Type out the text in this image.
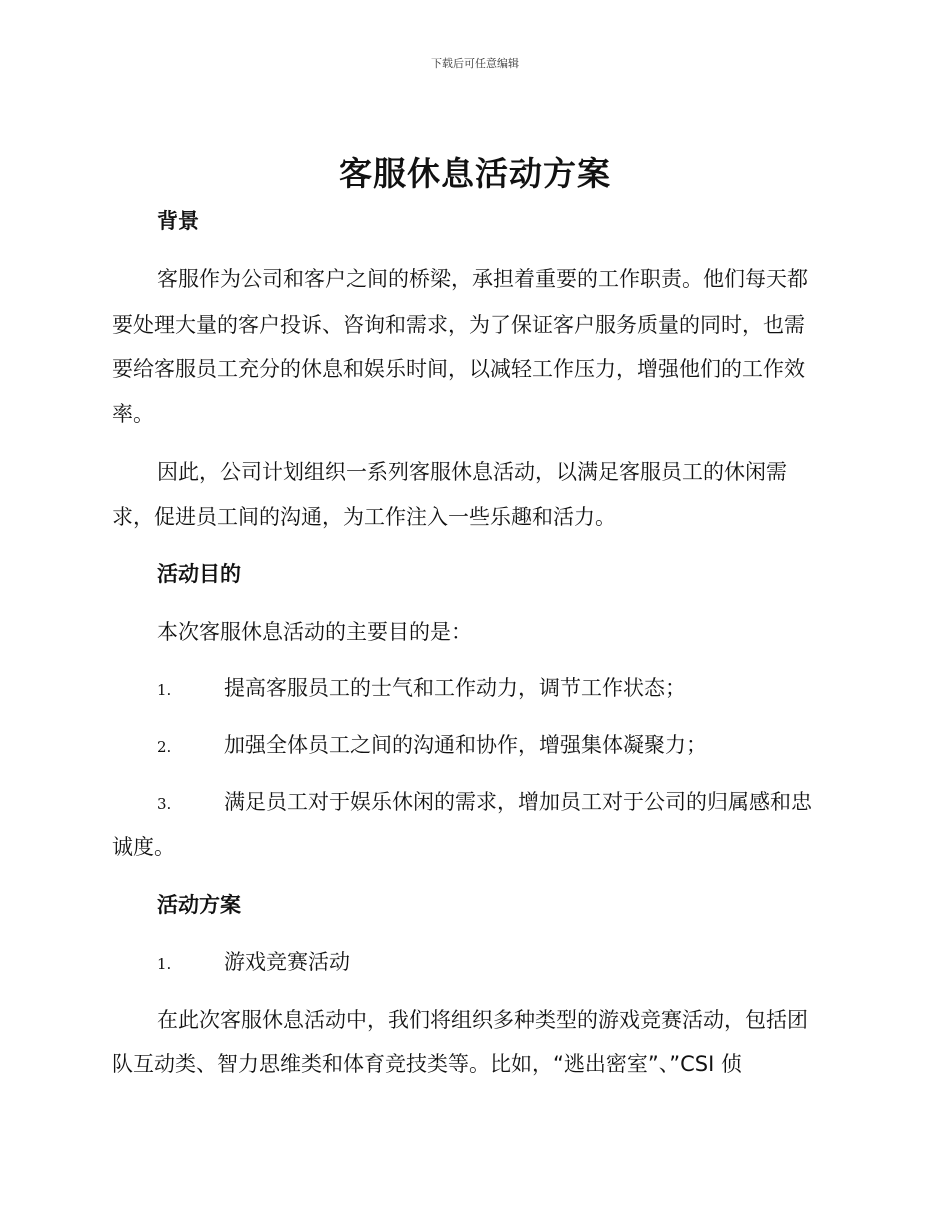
下载后可任意编辑
客服休息活动方案
背景
客服作为公司和客户之间的桥梁，承担着重要的工作职责。他们每天都
要处理大量的客户投诉、咨询和需求，为了保证客户服务质量的同时，也需
要给客服员工充分的休息和娱乐时间，以减轻工作压力，增强他们的工作效
率。
因此，公司计划组织一系列客服休息活动，以满足客服员工的休闲需
求，促进员工间的沟通，为工作注入一些乐趣和活力。
活动目的
本次客服休息活动的主要目的是：
1.	提高客服员工的士气和工作动力，调节工作状态；
2.	加强全体员工之间的沟通和协作，增强集体凝聚力；
3.	满足员工对于娱乐休闲的需求，增加员工对于公司的归属感和忠
诚度。
活动方案
1.	游戏竞赛活动
在此次客服休息活动中，我们将组织多种类型的游戏竞赛活动，包括团
队互动类、智力思维类和体育竞技类等。比如，“逃出密室”、”CSI 侦
